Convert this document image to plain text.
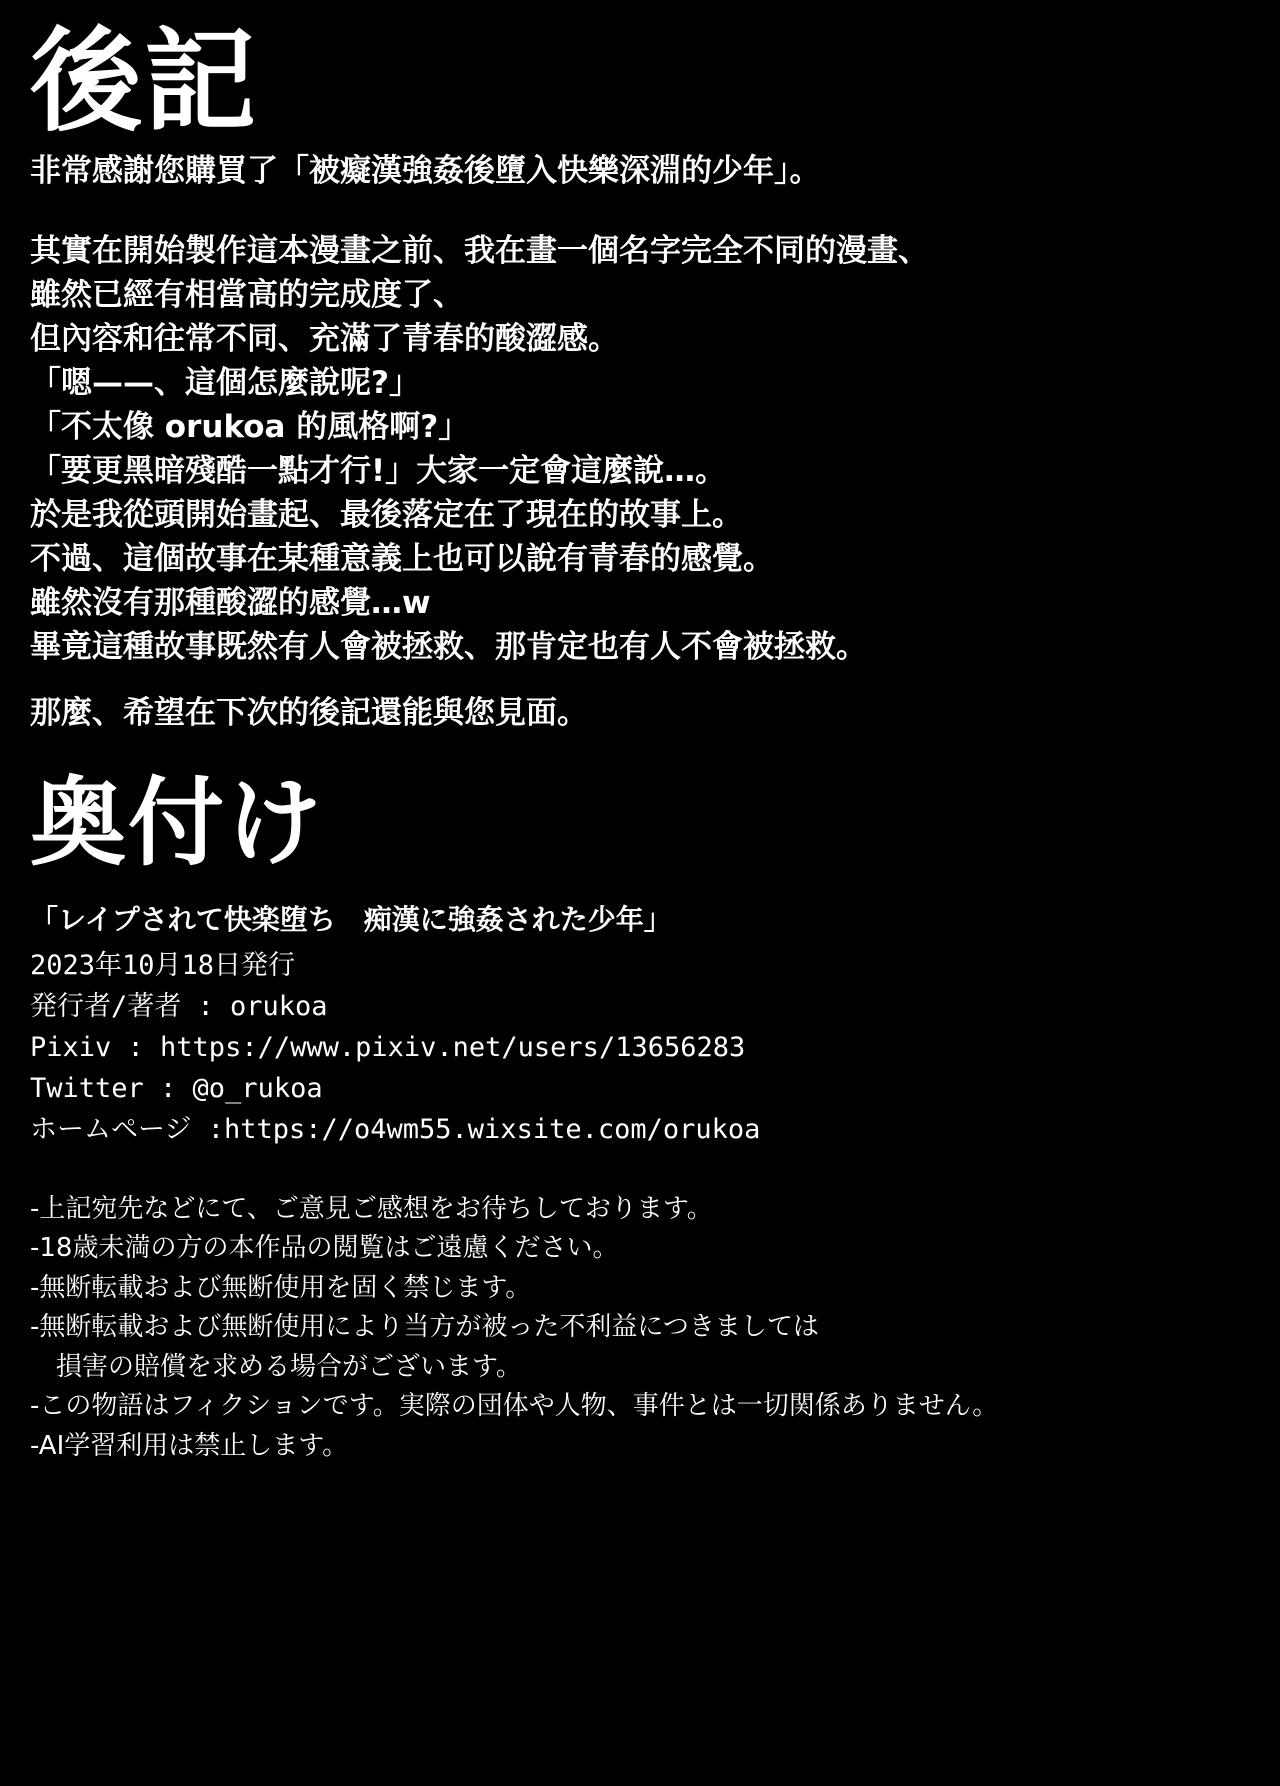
後記
非常感謝您購買了「被癡漢強姦後墮入快樂深淵的少年」。
其實在開始製作這本漫畫之前、我在畫一個名字完全不同的漫畫、
雖然已經有相當高的完成度了、
但內容和往常不同、充滿了青春的酸澀感。
「嗯——、這個怎麼說呢?」
「不太像 orukoa 的風格啊?」
「要更黑暗殘酷一點才行!」大家一定會這麼說…。
於是我從頭開始畫起、最後落定在了現在的故事上。
不過、這個故事在某種意義上也可以說有青春的感覺。
雖然沒有那種酸澀的感覺…w
畢竟這種故事既然有人會被拯救、那肯定也有人不會被拯救。
那麼、希望在下次的後記還能與您見面。
奥付け
「レイプされて快楽堕ち　痴漢に強姦された少年」
2023年10月18日発行
発行者/著者 : orukoa
Pixiv : https://www.pixiv.net/users/13656283
Twitter : @o_rukoa
ホームページ :https://o4wm55.wixsite.com/orukoa
-上記宛先などにて、ご意見ご感想をお待ちしております。
-18歳未満の方の本作品の閲覧はご遠慮ください。
-無断転載および無断使用を固く禁じます。
-無断転載および無断使用により当方が被った不利益につきましては
　損害の賠償を求める場合がございます。
-この物語はフィクションです。実際の団体や人物、事件とは一切関係ありません。
-AI学習利用は禁止します。
